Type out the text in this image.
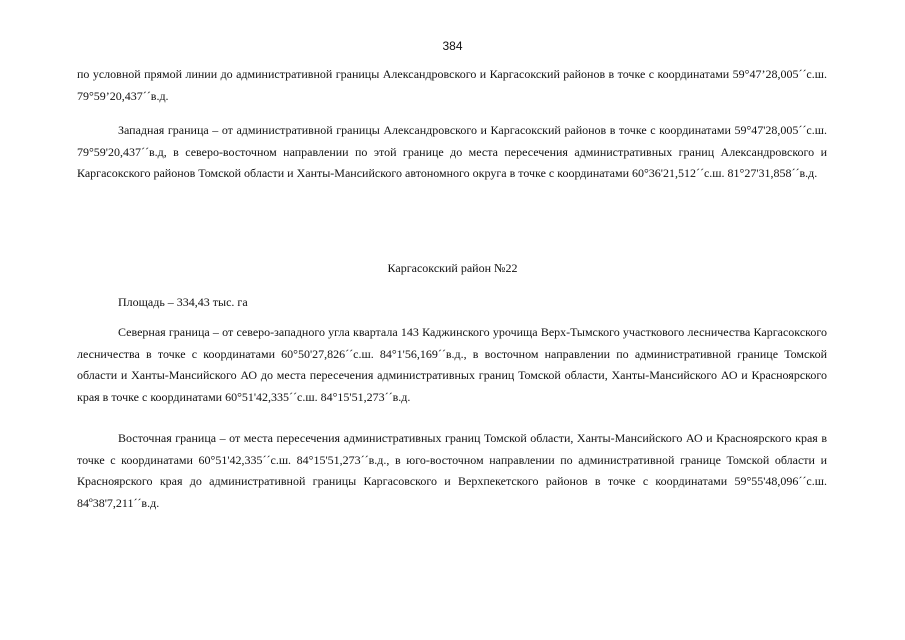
384
по условной прямой линии до административной границы Александровского и Каргасокский районов в точке с координатами 59°47’28,005´´с.ш. 79°59’20,437´´в.д.
Западная граница – от административной границы Александровского и Каргасокский районов в точке с координатами 59°47'28,005´´с.ш. 79°59'20,437´´в.д, в северо-восточном направлении по этой границе до места пересечения административных границ Александровского и Каргасокского районов Томской области и Ханты-Мансийского автономного округа в точке с координатами 60°36'21,512´´с.ш. 81°27'31,858´´в.д.
Каргасокский район №22
Площадь – 334,43 тыс. га
Северная граница – от северо-западного угла квартала 143 Каджинского урочища Верх-Тымского участкового лесничества Каргасокского лесничества в точке с координатами 60°50'27,826´´с.ш. 84°1'56,169´´в.д., в восточном направлении по административной границе Томской области и Ханты-Мансийского АО до места пересечения административных границ Томской области, Ханты-Мансийского АО и Красноярского края в точке с координатами 60°51'42,335´´с.ш. 84°15'51,273´´в.д.
Восточная граница – от места пересечения административных границ Томской области, Ханты-Мансийского АО и Красноярского края в точке с координатами 60°51'42,335´´с.ш. 84°15'51,273´´в.д., в юго-восточном направлении по административной границе Томской области и Красноярского края до административной границы Каргасовского и Верхпекетского районов в точке с координатами 59°55'48,096´´с.ш. 84º38'7,211´´в.д.
